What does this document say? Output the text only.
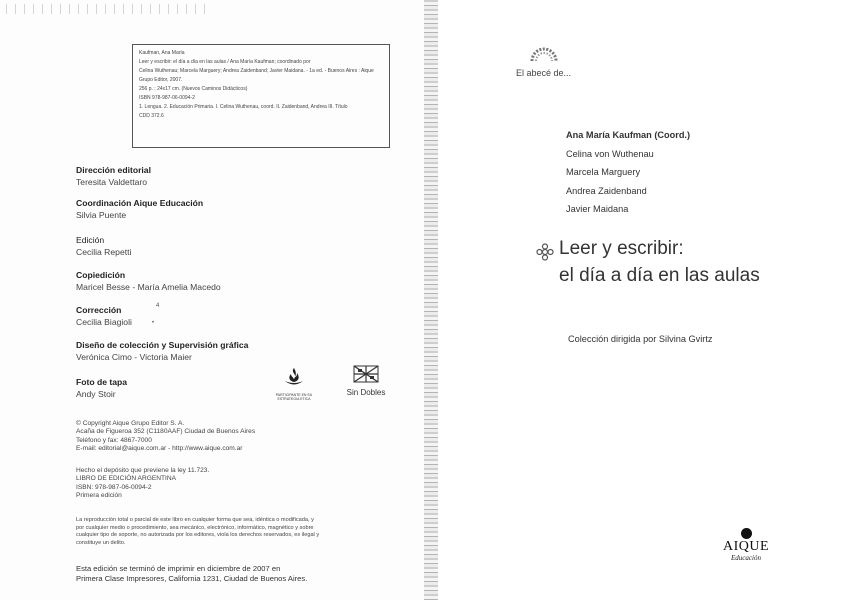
Kaufman, Ana María

Leer y escribir: el día a día en las aulas / Ana María Kaufman; coordinado por

Celina Wuthenau; Marcela Marguery; Andrea Zaidenband; Javier Maidana. - 1a ed. - Buenos Aires : Aique

Grupo Editor, 2007.

256 p. ; 24x17 cm. (Nuevos Caminos Didácticos)

ISBN 978-987-06-0094-2

1. Lengua. 2. Educación Primaria. I. Celina Wuthenau, coord. II. Zaidenband, Andrea III. Título

CDD 372.6

Dirección editorial
Teresita Valdettaro
Coordinación Aique Educación
Silvia Puente
Edición
Cecilia Repetti
Copiedición
Maricel Besse - María Amelia Macedo
Corrección
Cecilia Biagioli
Diseño de colección y Supervisión gráfica
Verónica Cimo - Victoria Maier
Foto de tapa
Andy Stoir
4
•
PARTICIPANTE EN SU ESTRATEGIA ETICA
Sin Dobles
© Copyright Aique Grupo Editor S. A.
Acaña de Figueroa 352 (C1180AAF) Ciudad de Buenos Aires
Teléfono y fax: 4867-7000
E-mail: editorial@aique.com.ar - http://www.aique.com.ar
Hecho el depósito que previene la ley 11.723.
LIBRO DE EDICIÓN ARGENTINA
ISBN: 978-987-06-0094-2
Primera edición
La reproducción total o parcial de este libro en cualquier forma que sea, idéntica o modificada, y
por cualquier medio o procedimiento, sea mecánico, electrónico, informático, magnético y sobre
cualquier tipo de soporte, no autorizada por los editores, viola los derechos reservados, es ilegal y
constituye un delito.
Esta edición se terminó de imprimir en diciembre de 2007 en
Primera Clase Impresores, California 1231, Ciudad de Buenos Aires.
El abecé de...
Ana María Kaufman (Coord.)
Celina von Wuthenau
Marcela Marguery
Andrea Zaidenband
Javier Maidana
Leer y escribir:
el día a día en las aulas
Colección dirigida por Silvina Gvirtz
AIQUE
Educación
